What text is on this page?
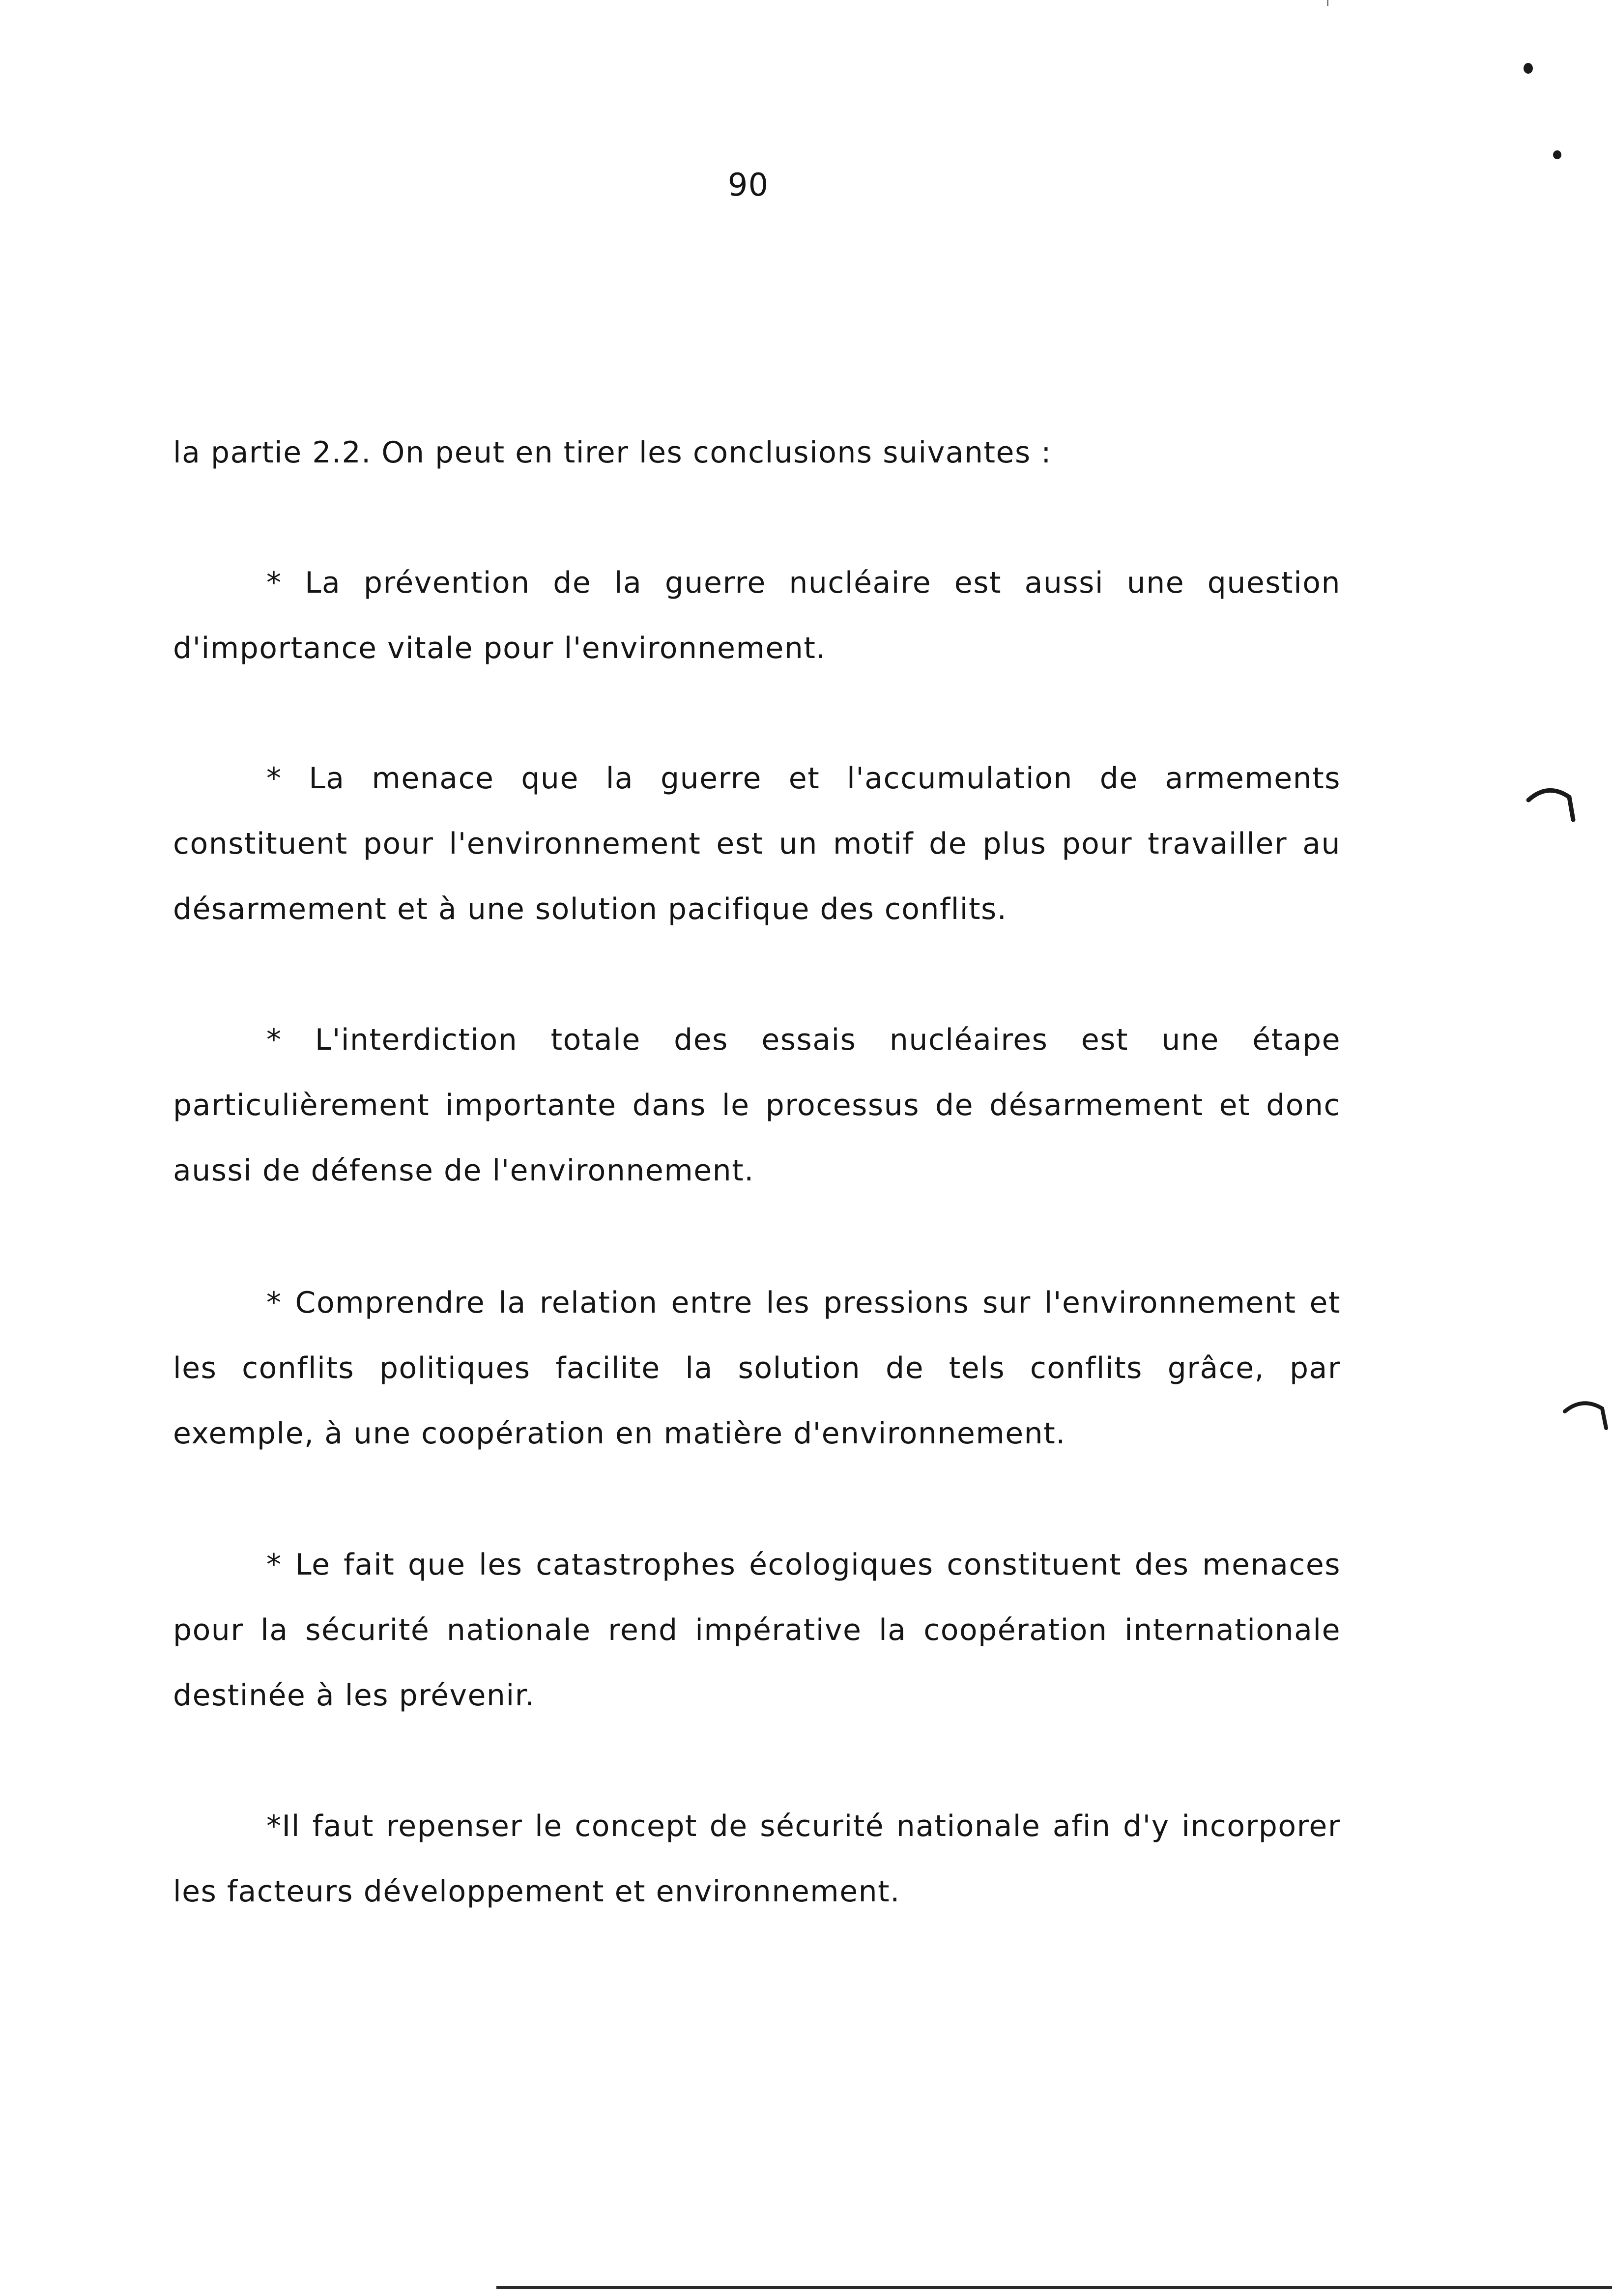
90
la partie 2.2. On peut en tirer les conclusions suivantes :
* La prévention de la guerre nucléaire est aussi une question d'importance vitale pour l'environnement.
* La menace que la guerre et l'accumulation de armements constituent pour l'environnement est un motif de plus pour travailler au désarmement et à une solution pacifique des conflits.
* L'interdiction totale des essais nucléaires est une étape particulièrement importante dans le processus de désarmement et donc aussi de défense de l'environnement.
* Comprendre la relation entre les pressions sur l'environnement et les conflits politiques facilite la solution de tels conflits grâce, par exemple, à une coopération en matière d'environnement.
* Le fait que les catastrophes écologiques constituent des menaces pour la sécurité nationale rend impérative la coopération internationale destinée à les prévenir.
*Il faut repenser le concept de sécurité nationale afin d'y incorporer les facteurs développement et environnement.
